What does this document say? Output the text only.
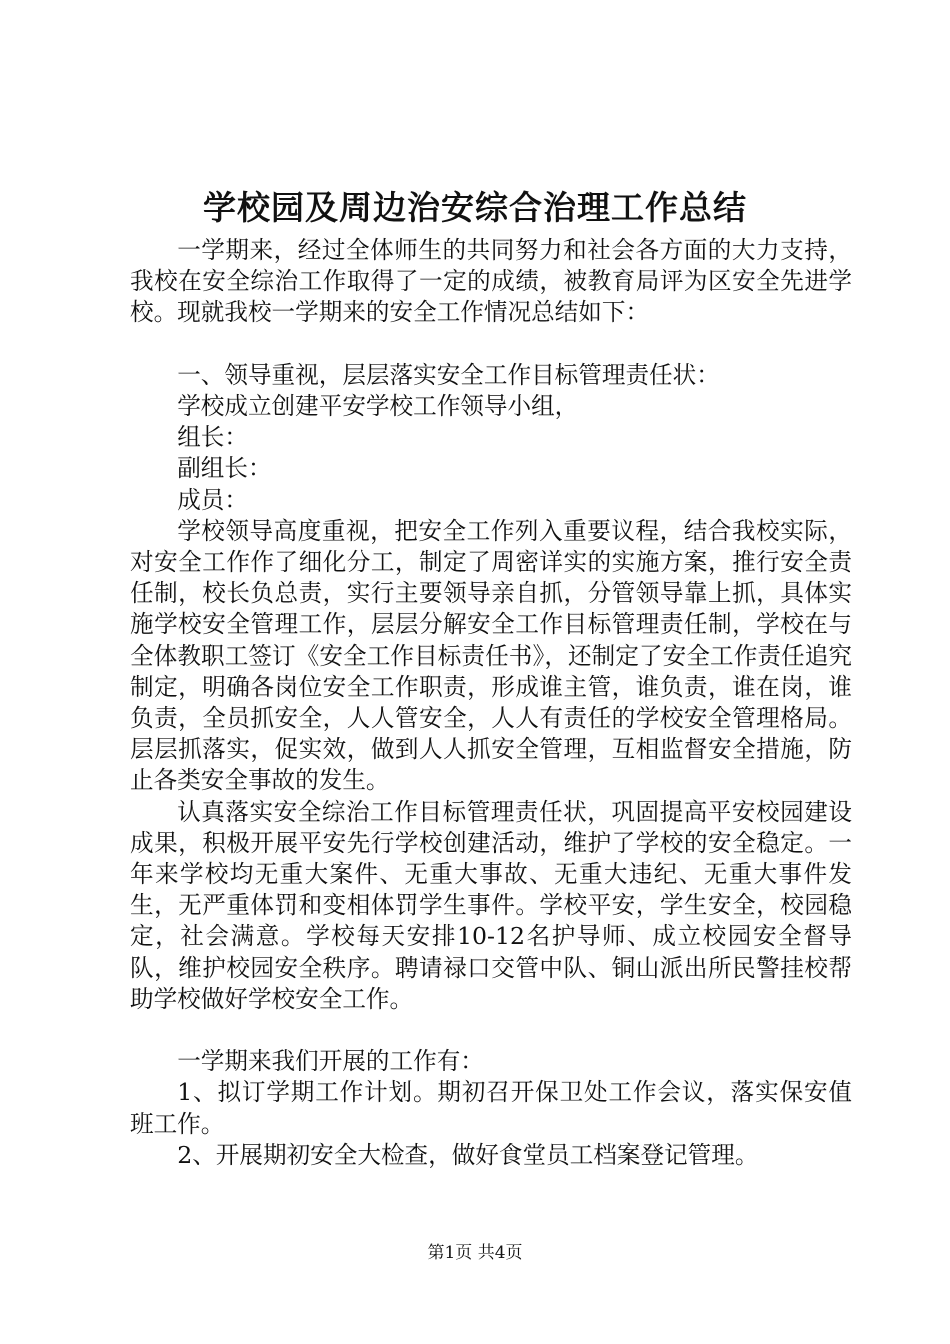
学校园及周边治安综合治理工作总结

一学期来，经过全体师生的共同努力和社会各方面的大力支持，我校在安全综治工作取得了一定的成绩，被教育局评为区安全先进学校。现就我校一学期来的安全工作情况总结如下：

一、领导重视，层层落实安全工作目标管理责任状：

学校成立创建平安学校工作领导小组，

组长：

副组长：

成员：

学校领导高度重视，把安全工作列入重要议程，结合我校实际，对安全工作作了细化分工，制定了周密详实的实施方案，推行安全责任制，校长负总责，实行主要领导亲自抓，分管领导靠上抓，具体实施学校安全管理工作，层层分解安全工作目标管理责任制，学校在与全体教职工签订《安全工作目标责任书》，还制定了安全工作责任追究制定，明确各岗位安全工作职责，形成谁主管，谁负责，谁在岗，谁负责，全员抓安全，人人管安全，人人有责任的学校安全管理格局。层层抓落实，促实效，做到人人抓安全管理，互相监督安全措施，防止各类安全事故的发生。

认真落实安全综治工作目标管理责任状，巩固提高平安校园建设成果，积极开展平安先行学校创建活动，维护了学校的安全稳定。一年来学校均无重大案件、无重大事故、无重大违纪、无重大事件发生，无严重体罚和变相体罚学生事件。学校平安，学生安全，校园稳定，社会满意。学校每天安排10-12名护导师、成立校园安全督导队，维护校园安全秩序。聘请禄口交管中队、铜山派出所民警挂校帮助学校做好学校安全工作。

一学期来我们开展的工作有：

1、拟订学期工作计划。期初召开保卫处工作会议，落实保安值班工作。

2、开展期初安全大检查，做好食堂员工档案登记管理。

第1页 共4页
